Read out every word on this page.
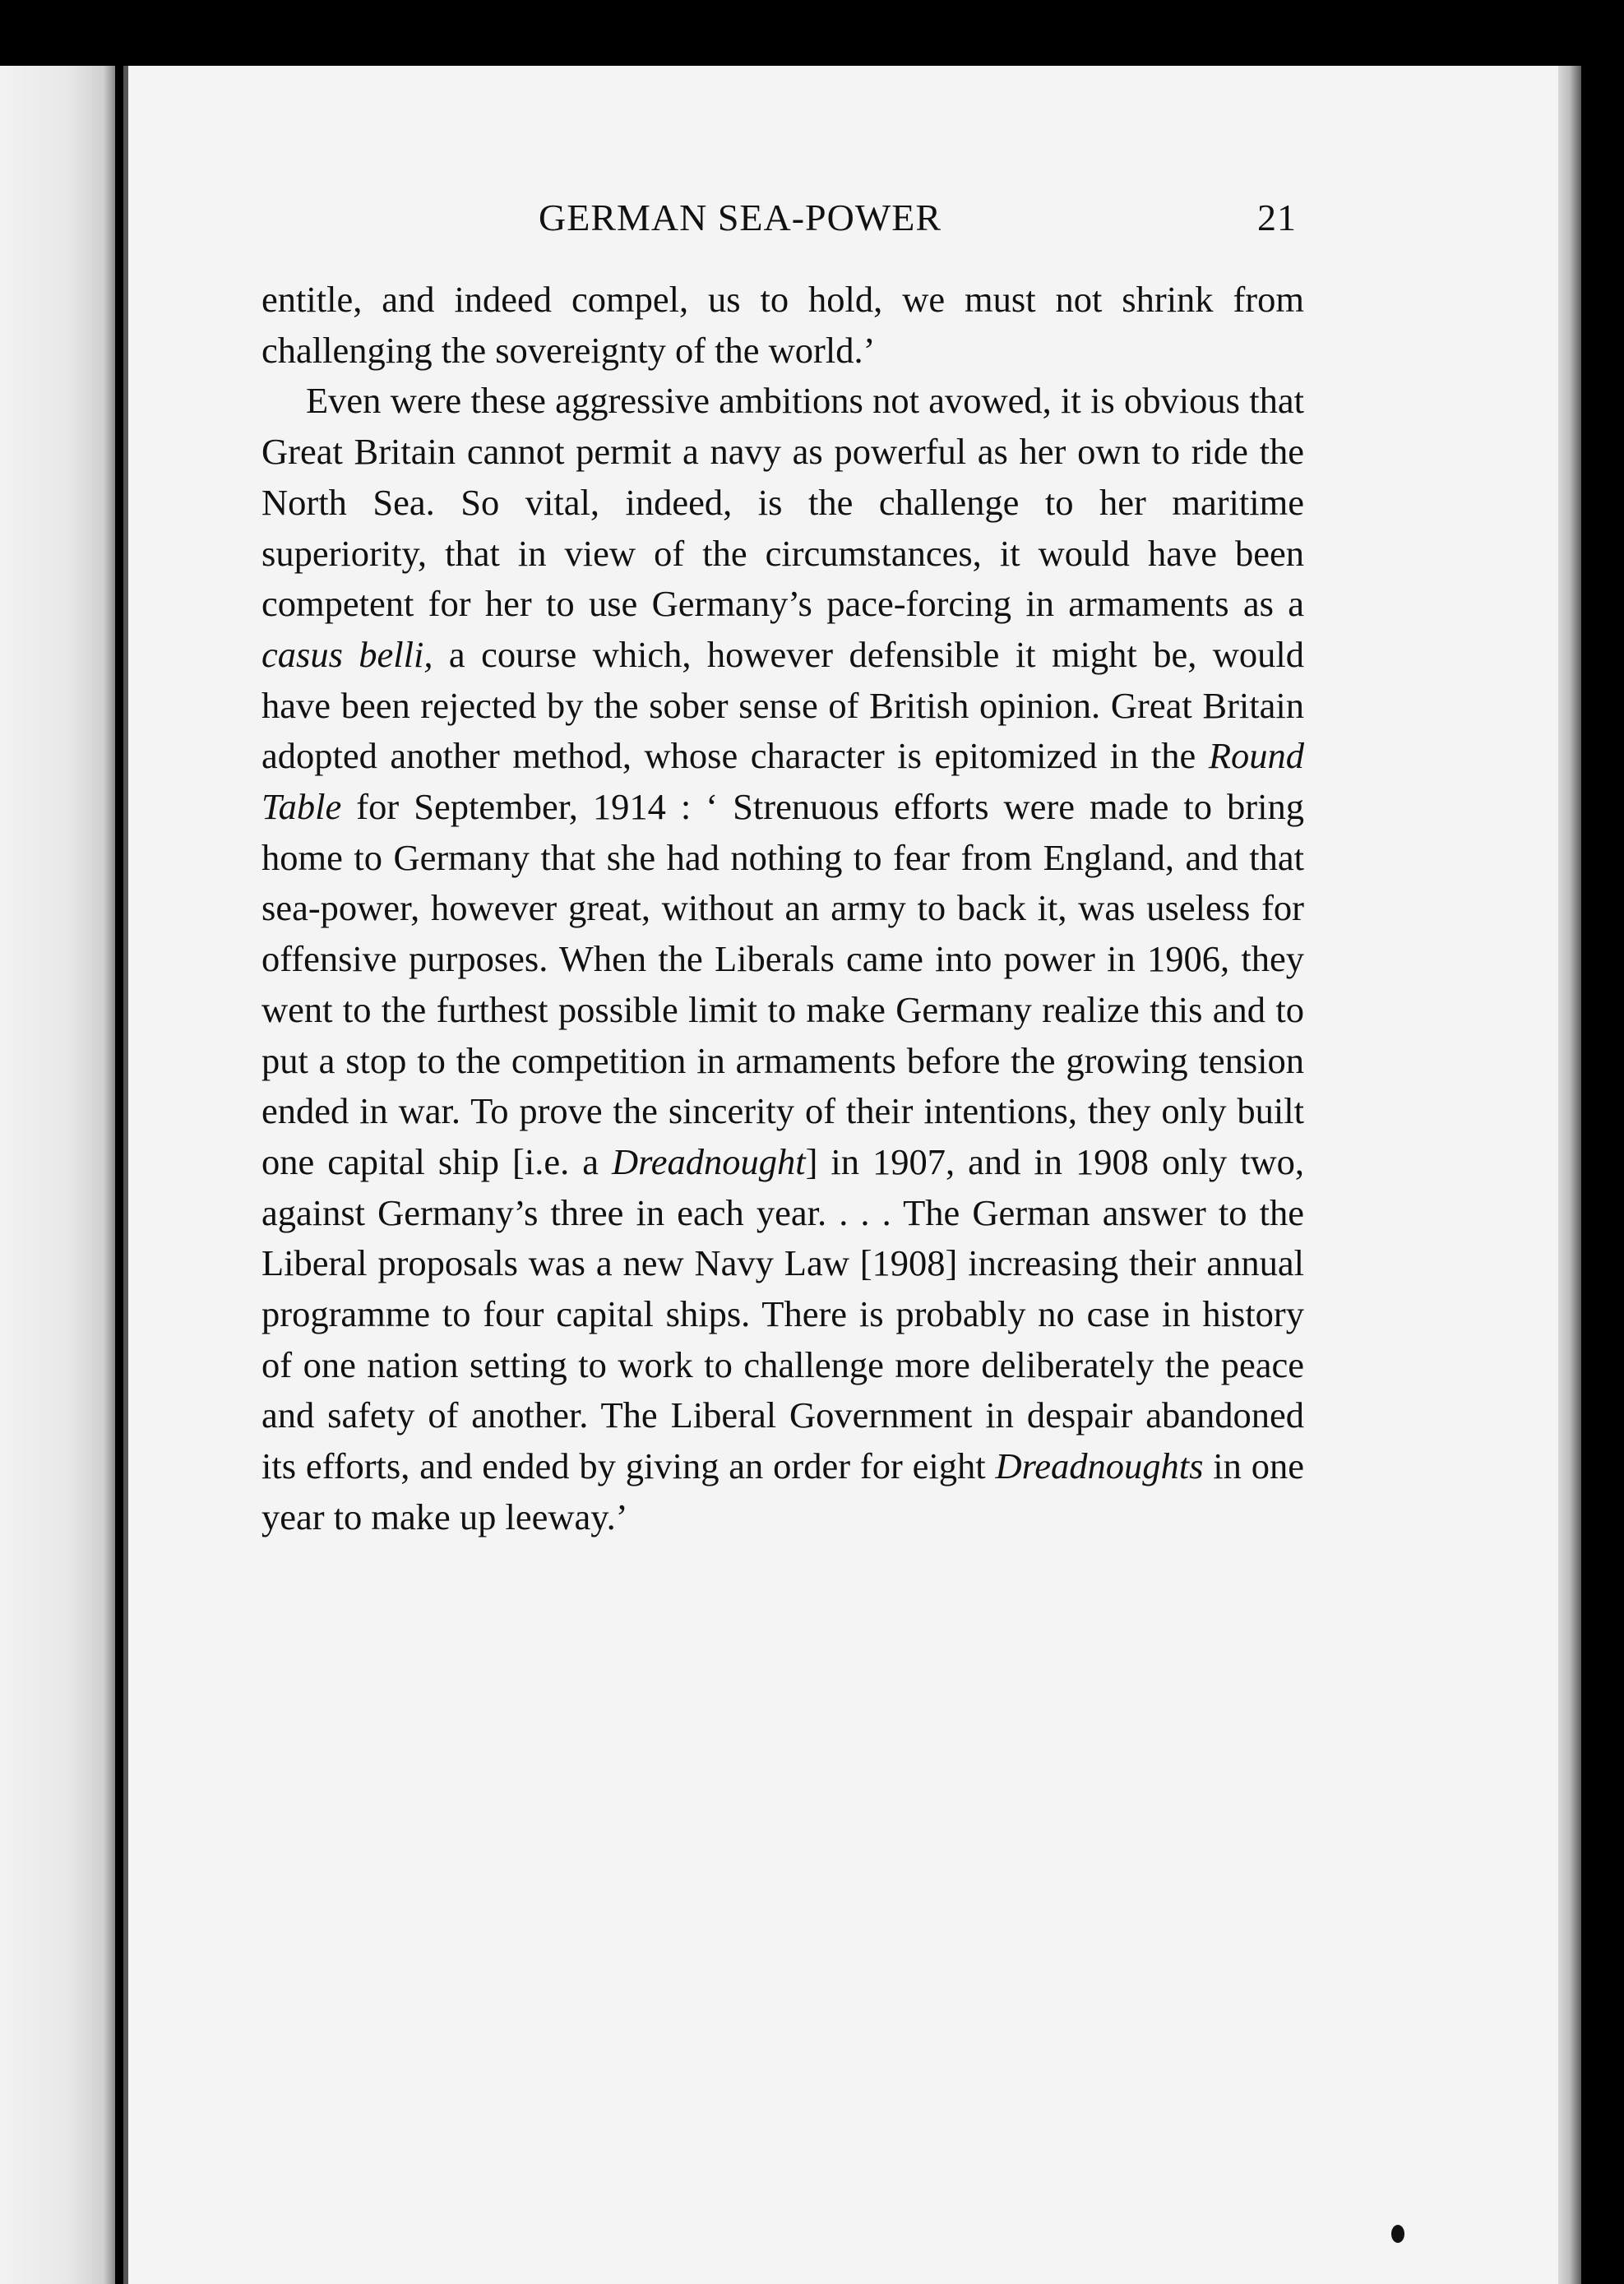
GERMAN SEA-POWER	21

entitle, and indeed compel, us to hold, we must not shrink from challenging the sovereignty of the world.’

Even were these aggressive ambitions not avowed, it is obvious that Great Britain cannot permit a navy as powerful as her own to ride the North Sea. So vital, indeed, is the challenge to her maritime superiority, that in view of the circumstances, it would have been competent for her to use Germany’s pace-forcing in armaments as a casus belli, a course which, however defensible it might be, would have been rejected by the sober sense of British opinion. Great Britain adopted another method, whose character is epitomized in the Round Table for September, 1914 : ‘ Strenuous efforts were made to bring home to Germany that she had nothing to fear from England, and that sea-power, however great, without an army to back it, was useless for offensive purposes. When the Liberals came into power in 1906, they went to the furthest possible limit to make Germany realize this and to put a stop to the competition in armaments before the growing tension ended in war. To prove the sincerity of their intentions, they only built one capital ship [i.e. a Dreadnought] in 1907, and in 1908 only two, against Germany’s three in each year. . . . The German answer to the Liberal proposals was a new Navy Law [1908] increasing their annual programme to four capital ships. There is probably no case in history of one nation setting to work to challenge more deliberately the peace and safety of another. The Liberal Government in despair abandoned its efforts, and ended by giving an order for eight Dreadnoughts in one year to make up leeway.’
